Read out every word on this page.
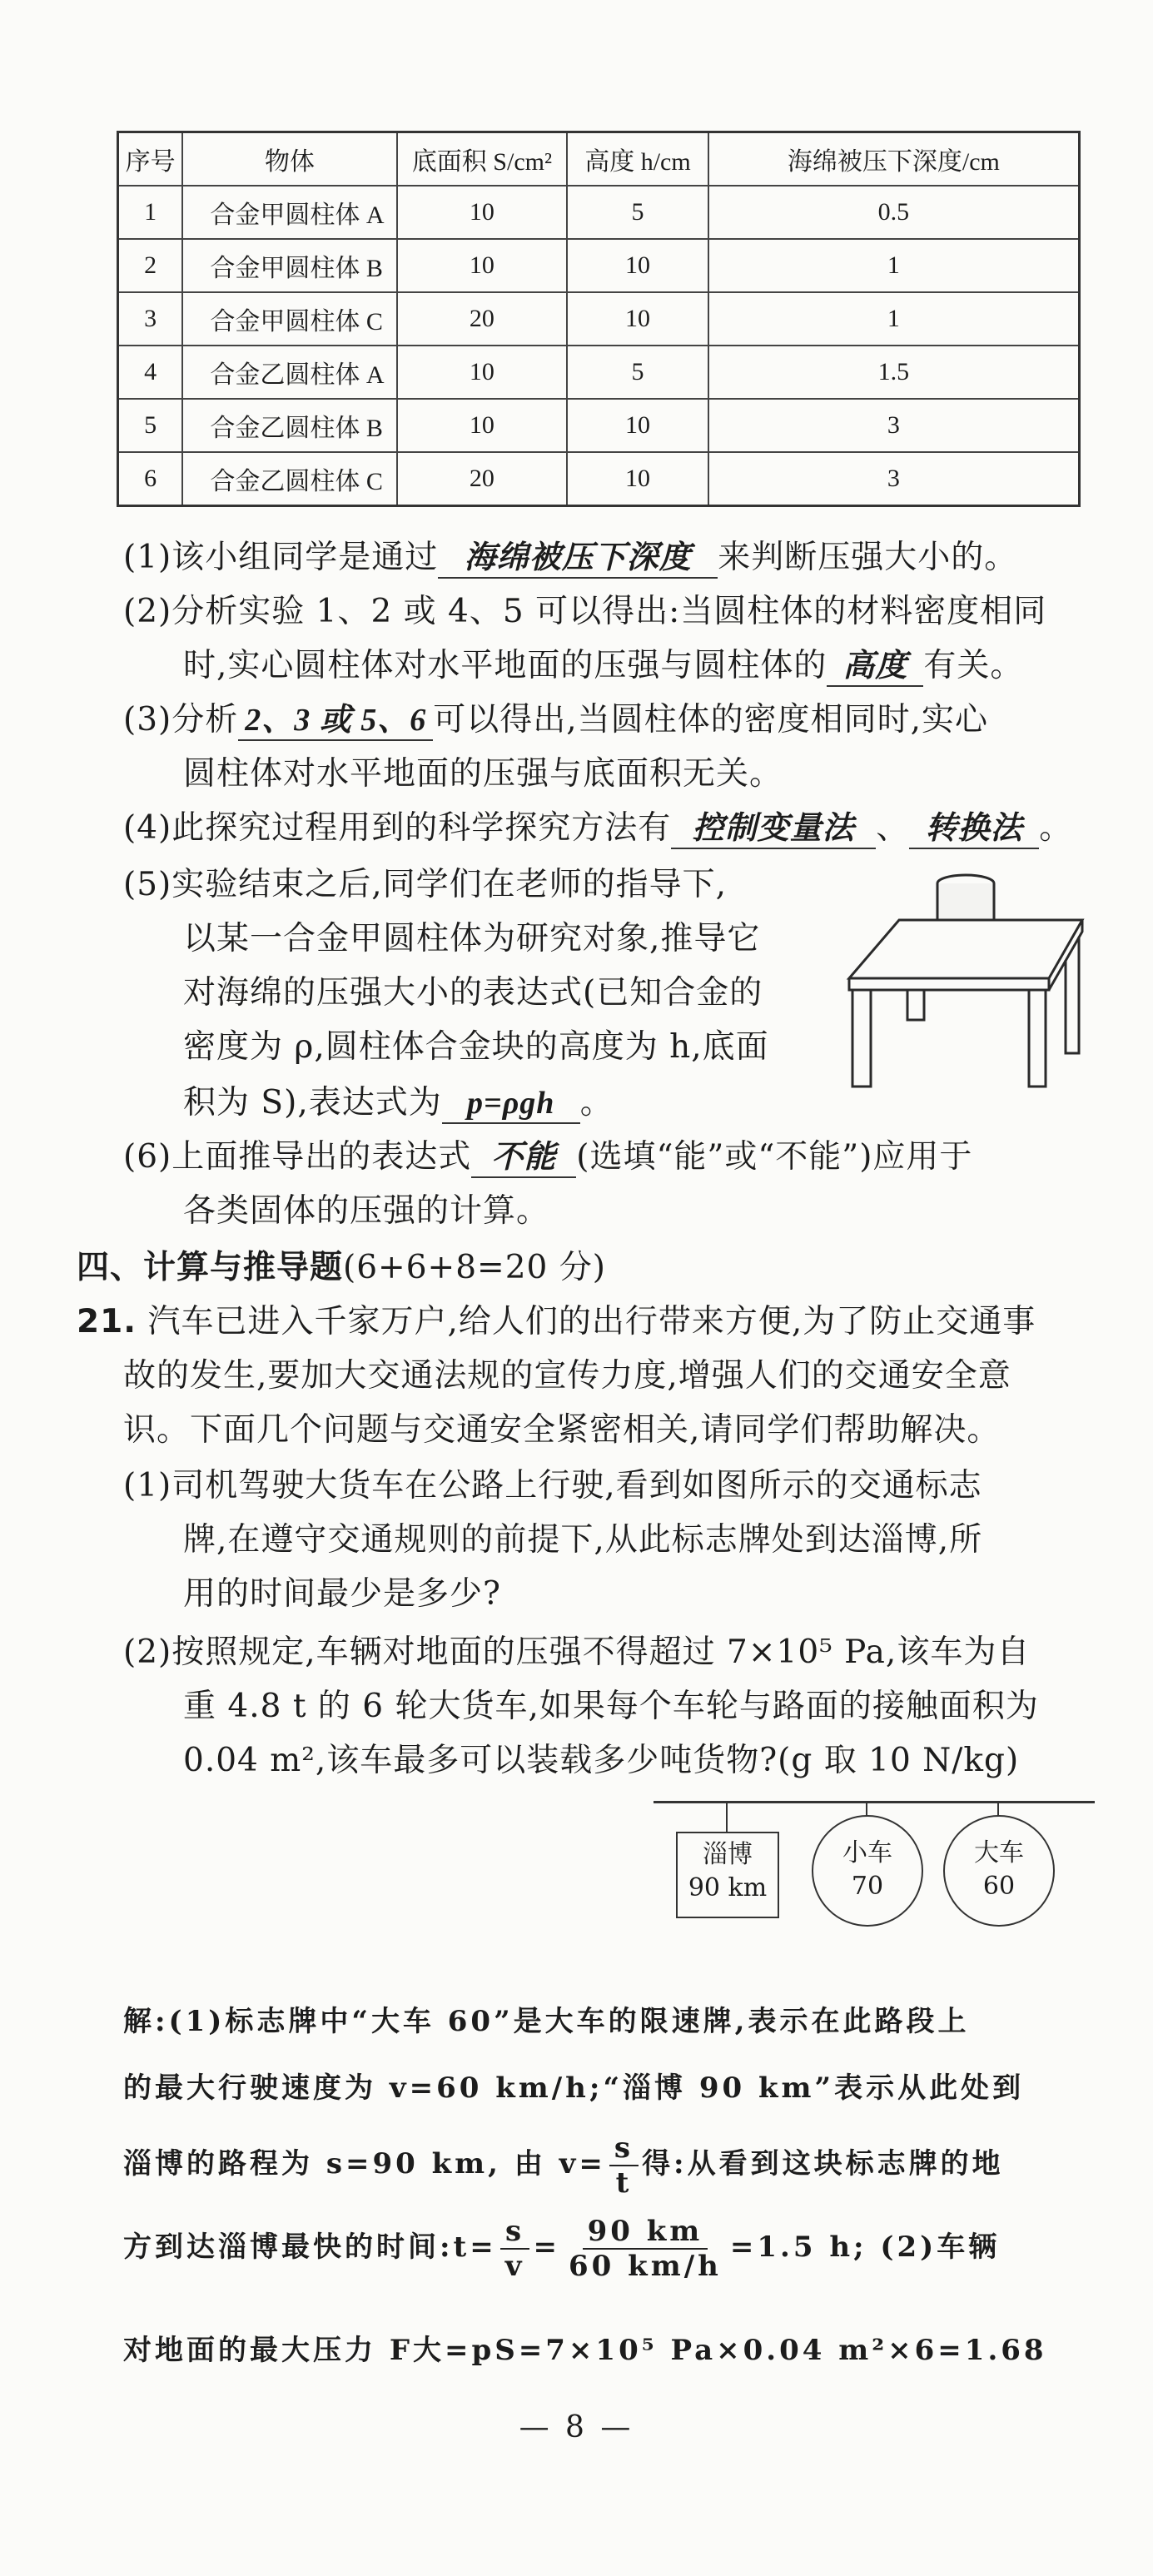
序号	物体	底面积 S/cm²	高度 h/cm	海绵被压下深度/cm
1	合金甲圆柱体 A	10	5	0.5
2	合金甲圆柱体 B	10	10	1
3	合金甲圆柱体 C	20	10	1
4	合金乙圆柱体 A	10	5	1.5
5	合金乙圆柱体 B	10	10	3
6	合金乙圆柱体 C	20	10	3
(1)该小组同学是通过 海绵被压下深度 来判断压强大小的。
(2)分析实验 1、2 或 4、5 可以得出:当圆柱体的材料密度相同
时,实心圆柱体对水平地面的压强与圆柱体的 高度 有关。
(3)分析 2、3 或 5、6 可以得出,当圆柱体的密度相同时,实心
圆柱体对水平地面的压强与底面积无关。
(4)此探究过程用到的科学探究方法有 控制变量法 、 转换法 。
(5)实验结束之后,同学们在老师的指导下,
以某一合金甲圆柱体为研究对象,推导它
对海绵的压强大小的表达式(已知合金的
密度为 ρ,圆柱体合金块的高度为 h,底面
积为 S),表达式为 p=ρgh 。
(6)上面推导出的表达式 不能 (选填“能”或“不能”)应用于
各类固体的压强的计算。
四、计算与推导题(6+6+8=20 分)
21. 汽车已进入千家万户,给人们的出行带来方便,为了防止交通事
故的发生,要加大交通法规的宣传力度,增强人们的交通安全意
识。下面几个问题与交通安全紧密相关,请同学们帮助解决。
(1)司机驾驶大货车在公路上行驶,看到如图所示的交通标志
牌,在遵守交通规则的前提下,从此标志牌处到达淄博,所
用的时间最少是多少?
(2)按照规定,车辆对地面的压强不得超过 7×10⁵ Pa,该车为自
重 4.8 t 的 6 轮大货车,如果每个车轮与路面的接触面积为
0.04 m²,该车最多可以装载多少吨货物?(g 取 10 N/kg)
淄博
90 km
小车
70
大车
60
解:(1)标志牌中“大车 60”是大车的限速牌,表示在此路段上
的最大行驶速度为 v=60 km/h;“淄博 90 km”表示从此处到
淄博的路程为 s=90 km, 由 $v= \frac{s}{t}$ 得:从看到这块标志牌的地
方到达淄博最快的时间:t= $\frac{s}{v} = \frac{90 km}{60 km/h} =1.5$ h; (2)车辆
对地面的最大压力 F大=pS=7×10⁵ Pa×0.04 m²×6=1.68
— 8 —
